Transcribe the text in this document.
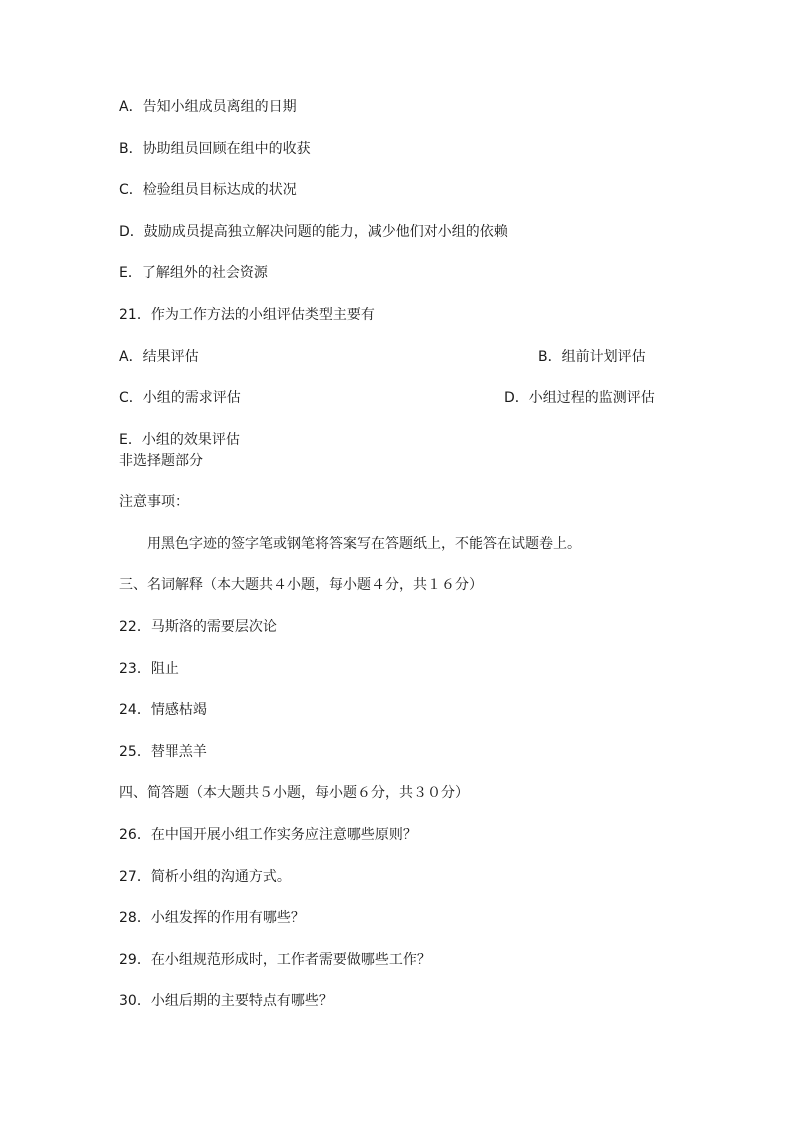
A．告知小组成员离组的日期
B．协助组员回顾在组中的收获
C．检验组员目标达成的状况
D．鼓励成员提高独立解决问题的能力，减少他们对小组的依赖
E．了解组外的社会资源
21．作为工作方法的小组评估类型主要有
A．结果评估	B．组前计划评估
C．小组的需求评估	D．小组过程的监测评估
E．小组的效果评估
非选择题部分
注意事项：
用黑色字迹的签字笔或钢笔将答案写在答题纸上，不能答在试题卷上。
三、名词解释（本大题共４小题，每小题４分，共１６分）
22．马斯洛的需要层次论
23．阻止
24．情感枯竭
25．替罪羔羊
四、简答题（本大题共５小题，每小题６分，共３０分）
26．在中国开展小组工作实务应注意哪些原则？
27．简析小组的沟通方式。
28．小组发挥的作用有哪些？
29．在小组规范形成时，工作者需要做哪些工作？
30．小组后期的主要特点有哪些？
